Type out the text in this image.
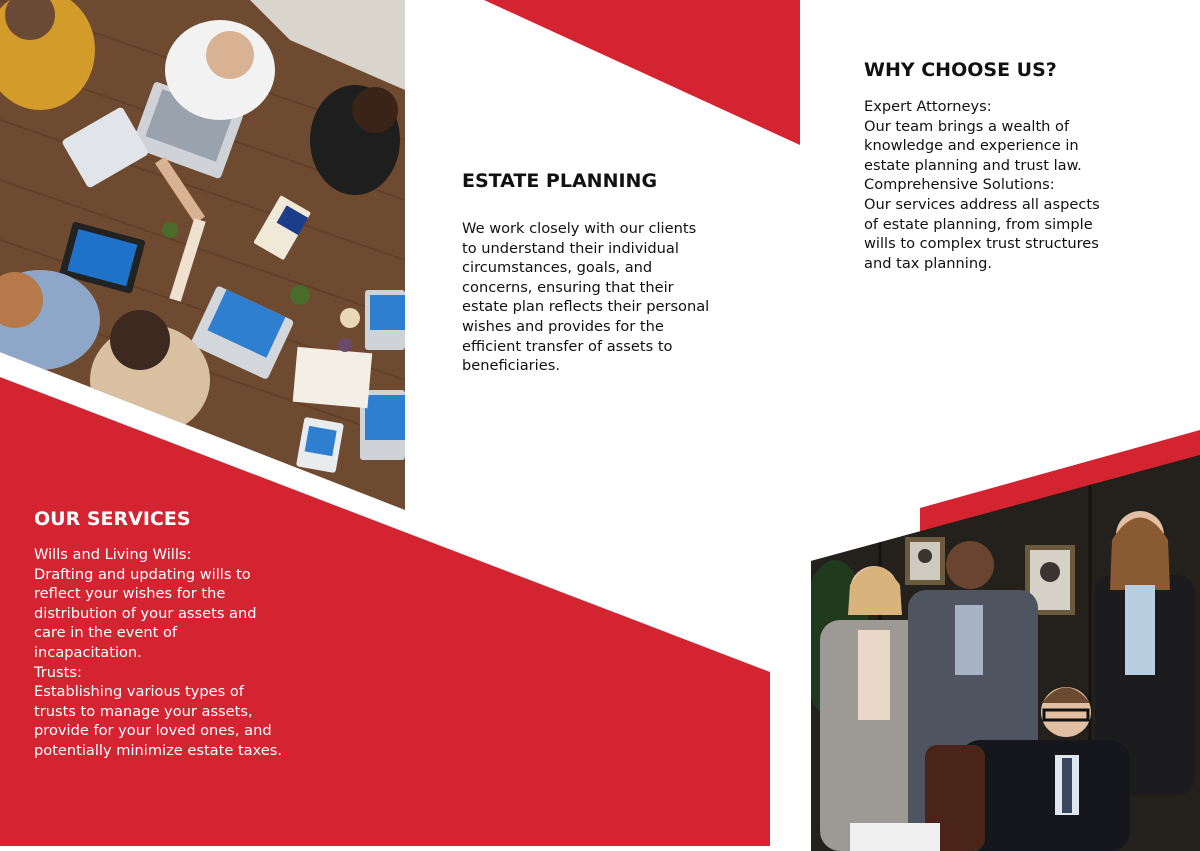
ESTATE PLANNING
We work closely with our clients
to understand their individual
circumstances, goals, and
concerns, ensuring that their
estate plan reflects their personal
wishes and provides for the
efficient transfer of assets to
beneficiaries.
WHY CHOOSE US?
Expert Attorneys:
Our team brings a wealth of
knowledge and experience in
estate planning and trust law.
Comprehensive Solutions:
Our services address all aspects
of estate planning, from simple
wills to complex trust structures
and tax planning.
OUR SERVICES
Wills and Living Wills:
Drafting and updating wills to
reflect your wishes for the
distribution of your assets and
care in the event of
incapacitation.
Trusts:
Establishing various types of
trusts to manage your assets,
provide for your loved ones, and
potentially minimize estate taxes.
